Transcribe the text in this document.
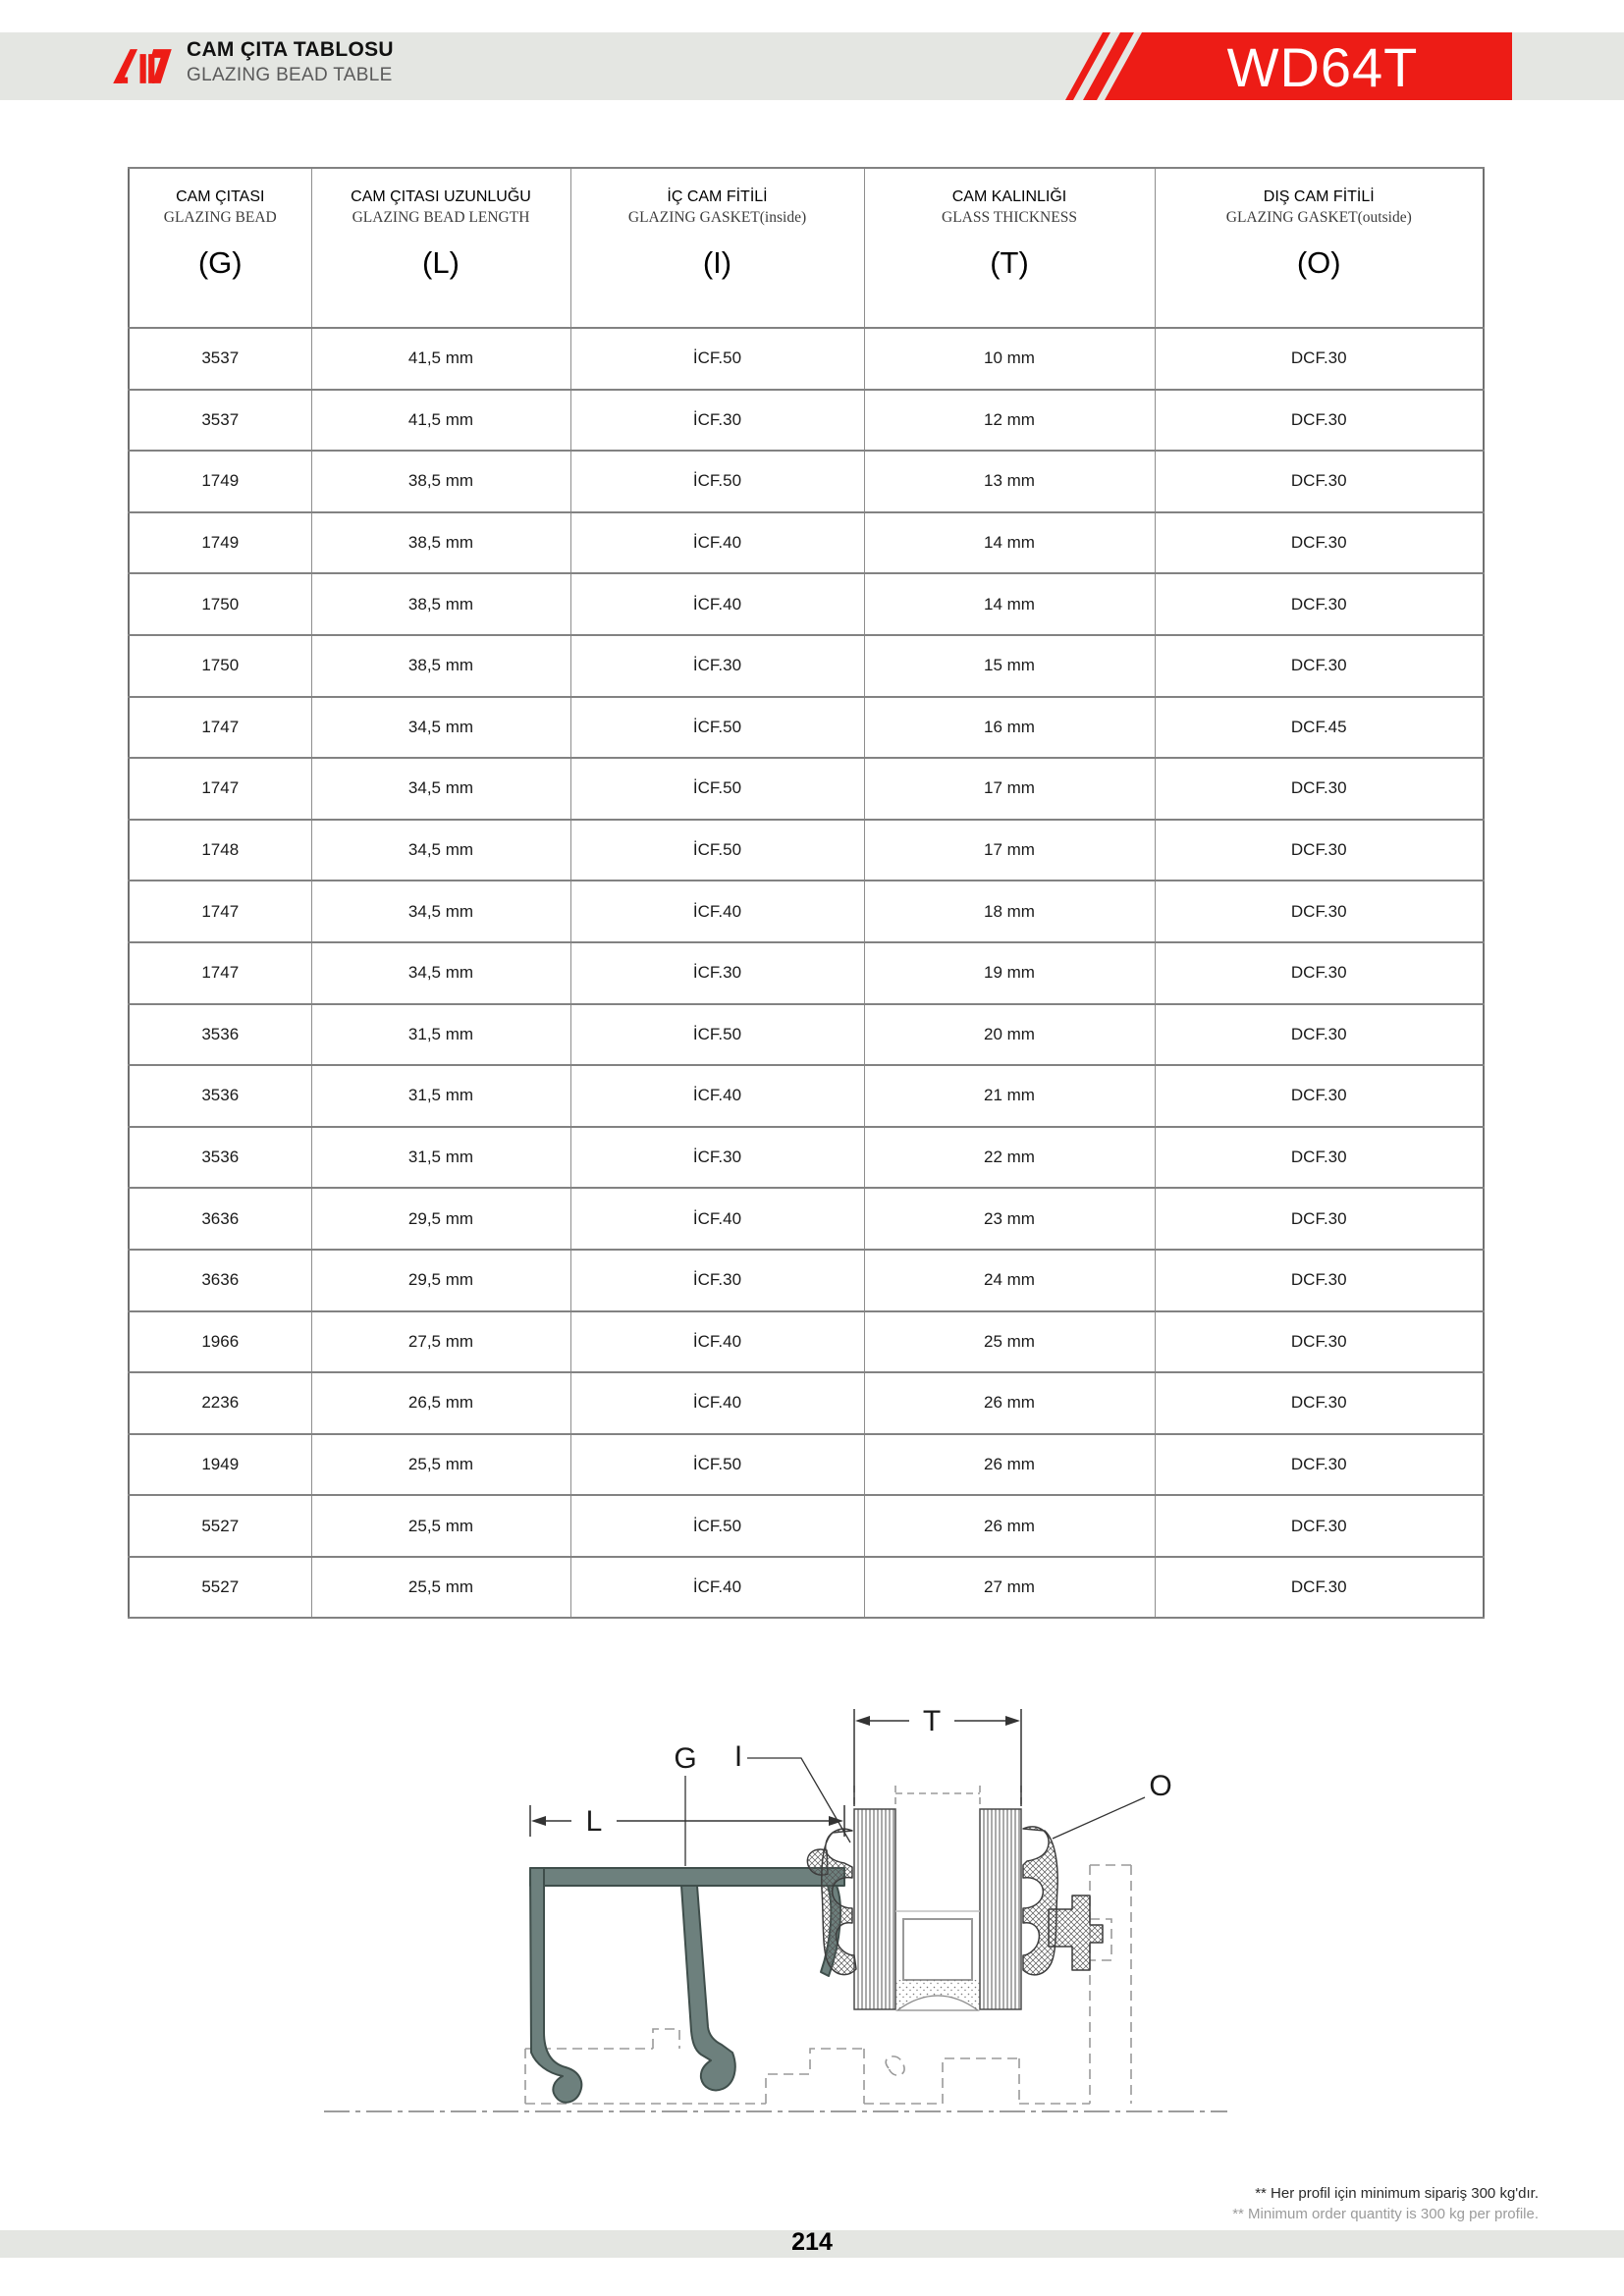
CAM ÇITA TABLOSU
GLAZING BEAD TABLE	WD64T
CAM ÇITASI
GLAZING BEAD
(G)

CAM ÇITASI UZUNLUĞU
GLAZING BEAD LENGTH
(L)

İÇ CAM FİTİLİ
GLAZING GASKET(inside)
(I)

CAM KALINLIĞI
GLASS THICKNESS
(T)

DIŞ CAM FİTİLİ
GLAZING GASKET(outside)
(O)

3537	41,5 mm	İCF.50	10 mm	DCF.30
3537	41,5 mm	İCF.30	12 mm	DCF.30
1749	38,5 mm	İCF.50	13 mm	DCF.30
1749	38,5 mm	İCF.40	14 mm	DCF.30
1750	38,5 mm	İCF.40	14 mm	DCF.30
1750	38,5 mm	İCF.30	15 mm	DCF.30
1747	34,5 mm	İCF.50	16 mm	DCF.45
1747	34,5 mm	İCF.50	17 mm	DCF.30
1748	34,5 mm	İCF.50	17 mm	DCF.30
1747	34,5 mm	İCF.40	18 mm	DCF.30
1747	34,5 mm	İCF.30	19 mm	DCF.30
3536	31,5 mm	İCF.50	20 mm	DCF.30
3536	31,5 mm	İCF.40	21 mm	DCF.30
3536	31,5 mm	İCF.30	22 mm	DCF.30
3636	29,5 mm	İCF.40	23 mm	DCF.30
3636	29,5 mm	İCF.30	24 mm	DCF.30
1966	27,5 mm	İCF.40	25 mm	DCF.30
2236	26,5 mm	İCF.40	26 mm	DCF.30
1949	25,5 mm	İCF.50	26 mm	DCF.30
5527	25,5 mm	İCF.50	26 mm	DCF.30
5527	25,5 mm	İCF.40	27 mm	DCF.30
L
T
G I
O
** Her profil için minimum sipariş 300 kg'dır.
** Minimum order quantity is 300 kg per profile.
214
